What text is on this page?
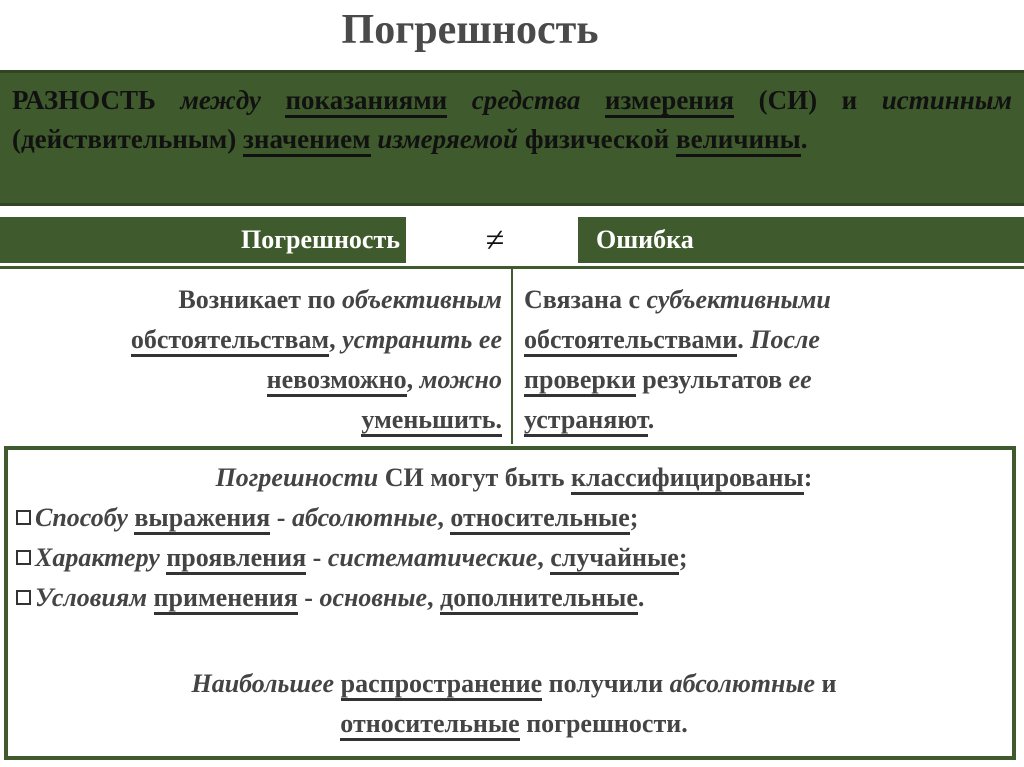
Погрешность

РАЗНОСТЬ между показаниями средства измерения (СИ) и истинным (действительным) значением измеряемой физической величины.

Погрешность	≠	Ошибка

Возникает по объективным
обстоятельствам, устранить ее
невозможно, можно
уменьшить.

Связана с субъективными
обстоятельствами. После
проверки результатов ее
устраняют.

Погрешности СИ могут быть классифицированы:

Способу выражения - абсолютные, относительные;

Характеру проявления - систематические, случайные;

Условиям применения - основные, дополнительные.

Наибольшее распространение получили абсолютные и
относительные погрешности.
